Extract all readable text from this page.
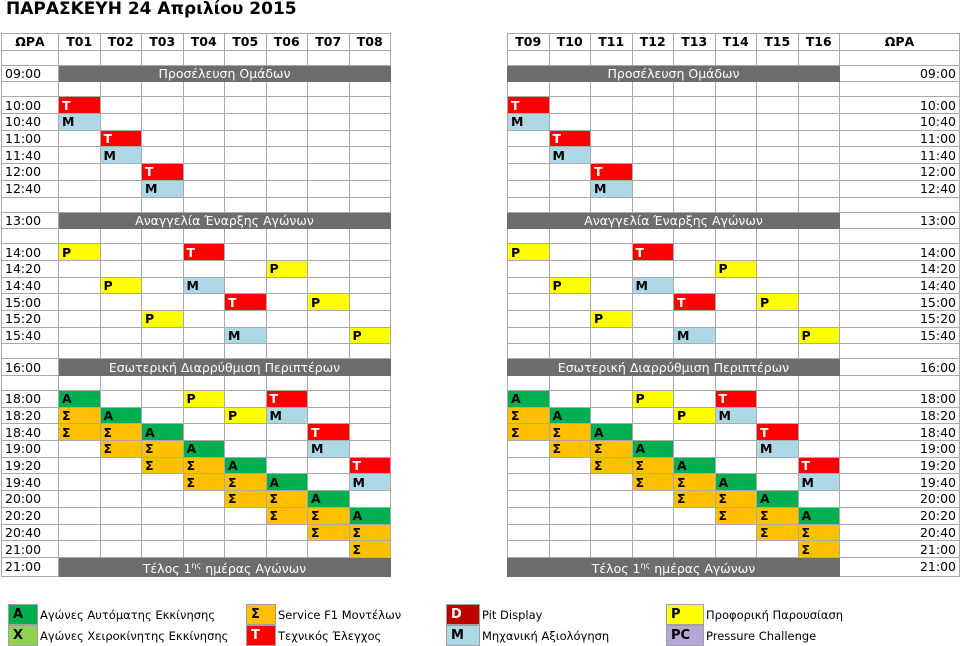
ΠΑΡΑΣΚΕΥΗ 24 Απριλίου 2015
ΩΡΑ	T01	T02	T03	T04	T05	T06	T07	T08

09:00	Προσέλευση Ομάδων							

10:00	T							
10:40	M							
11:00		T						
11:40		M						
12:00			T					
12:40			M					

13:00	Αναγγελία Έναρξης Αγώνων							

14:00	P			T				
14:20						P		
14:40		P		M				
15:00					T		P	
15:20			P					
15:40					M			P

16:00	Εσωτερική Διαρρύθμιση Περιπτέρων							

18:00	A			P		T		
18:20	Σ	A			P	M		
18:40	Σ	Σ	A				T	
19:00		Σ	Σ	A			M	
19:20			Σ	Σ	A			T
19:40				Σ	Σ	A		M
20:00					Σ	Σ	A	
20:20						Σ	Σ	A
20:40							Σ	Σ
21:00								Σ
21:00	Τέλος $1^{\eta\varsigma}$ ημέρας Αγώνων							
T09	T10	T11	T12	T13	T14	T15	T16	ΩΡΑ

Προσέλευση Ομάδων								09:00

T								10:00
M								10:40
	T							11:00
	M							11:40
		T						12:00
		M						12:40

Αναγγελία Έναρξης Αγώνων								13:00

P			T					14:00
					P			14:20
	P		M					14:40
				T		P		15:00
		P						15:20
				M			P	15:40

Εσωτερική Διαρρύθμιση Περιπτέρων								16:00

A			P		T			18:00
Σ	A			P	M			18:20
Σ	Σ	A				T		18:40
	Σ	Σ	A			M		19:00
		Σ	Σ	A			T	19:20
			Σ	Σ	A		M	19:40
				Σ	Σ	A		20:00
					Σ	Σ	A	20:20
						Σ	Σ	20:40
							Σ	21:00
Τέλος $1^{\eta\varsigma}$ ημέρας Αγώνων								21:00
A	Αγώνες Αυτόματης Εκκίνησης	Σ	Service F1 Μοντέλων	D	Pit Display	P	Προφορική Παρουσίαση
X	Αγώνες Χειροκίνητης Εκκίνησης	T	Τεχνικός Έλεγχος	M	Μηχανική Αξιολόγηση	PC	Pressure Challenge
